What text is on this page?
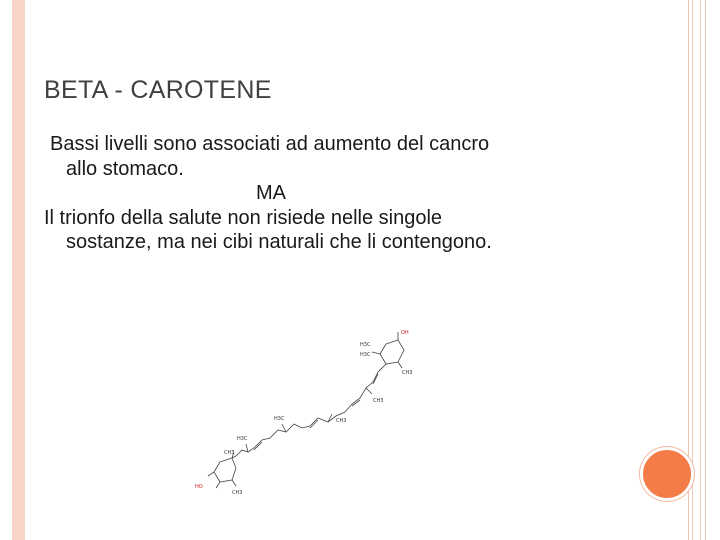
BETA - CAROTENE
Bassi livelli sono associati ad aumento del cancro
allo stomaco.
MA
Il trionfo della salute non risiede nelle singole
sostanze, ma nei cibi naturali che li contengono.
OH
H3C
H3C
CH3
CH3
H3C	CH3
H3C
CH3
HO
CH3
